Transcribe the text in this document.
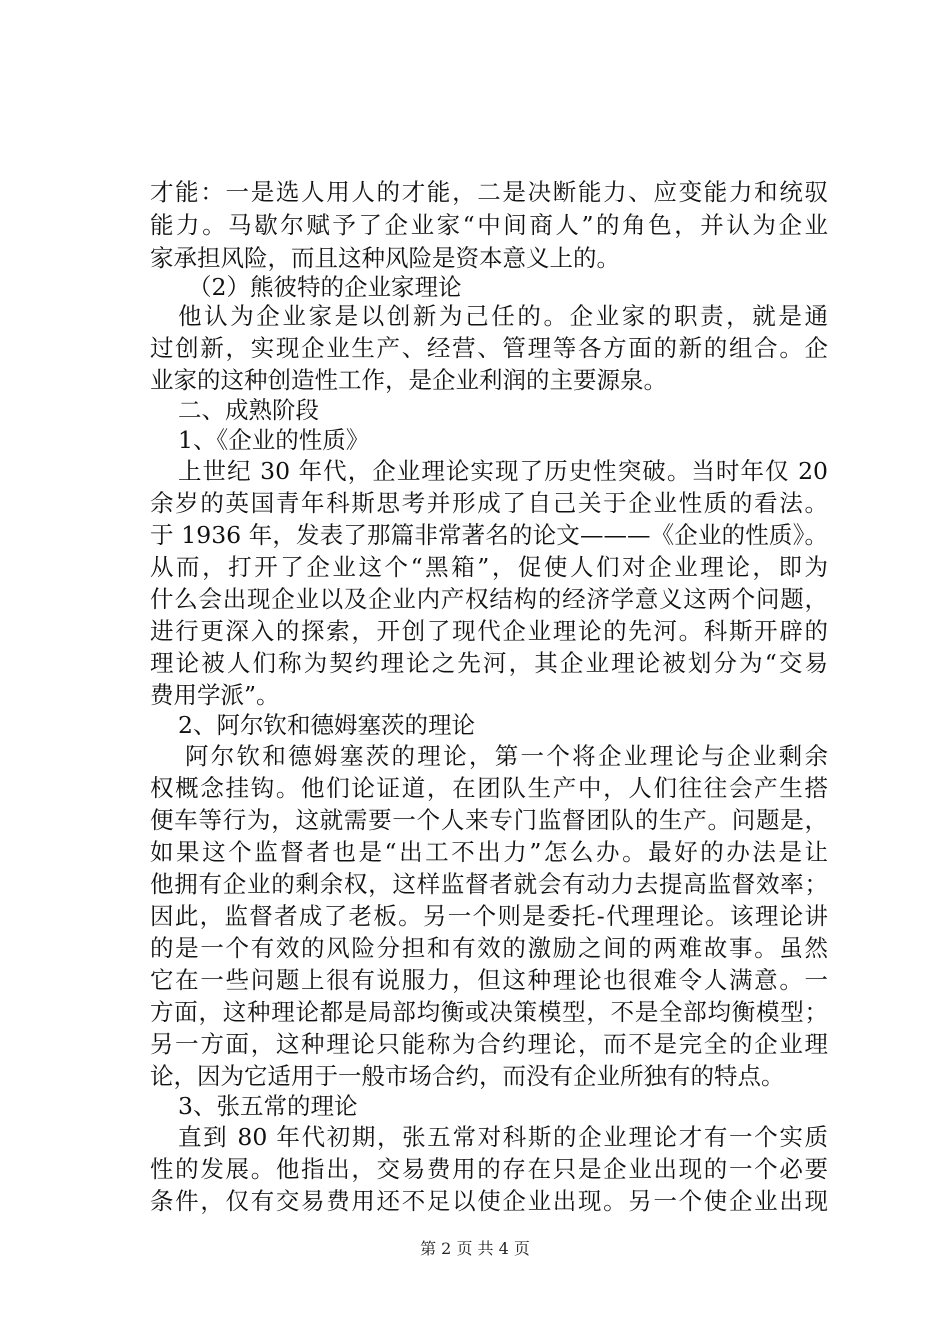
才能：一是选人用人的才能，二是决断能力、应变能力和统驭
能力。马歇尔赋予了企业家“中间商人”的角色，并认为企业
家承担风险，而且这种风险是资本意义上的。
（2）熊彼特的企业家理论
他认为企业家是以创新为己任的。企业家的职责，就是通
过创新，实现企业生产、经营、管理等各方面的新的组合。企
业家的这种创造性工作，是企业利润的主要源泉。
二、成熟阶段
1、《企业的性质》
上世纪 30 年代，企业理论实现了历史性突破。当时年仅 20
余岁的英国青年科斯思考并形成了自己关于企业性质的看法。
于 1936 年，发表了那篇非常著名的论文———《企业的性质》。
从而，打开了企业这个“黑箱”，促使人们对企业理论，即为
什么会出现企业以及企业内产权结构的经济学意义这两个问题，
进行更深入的探索，开创了现代企业理论的先河。科斯开辟的
理论被人们称为契约理论之先河，其企业理论被划分为“交易
费用学派”。
2、阿尔钦和德姆塞茨的理论
阿尔钦和德姆塞茨的理论，第一个将企业理论与企业剩余
权概念挂钩。他们论证道，在团队生产中，人们往往会产生搭
便车等行为，这就需要一个人来专门监督团队的生产。问题是，
如果这个监督者也是“出工不出力”怎么办。最好的办法是让
他拥有企业的剩余权，这样监督者就会有动力去提高监督效率；
因此，监督者成了老板。另一个则是委托-代理理论。该理论讲
的是一个有效的风险分担和有效的激励之间的两难故事。虽然
它在一些问题上很有说服力，但这种理论也很难令人满意。一
方面，这种理论都是局部均衡或决策模型，不是全部均衡模型；
另一方面，这种理论只能称为合约理论，而不是完全的企业理
论，因为它适用于一般市场合约，而没有企业所独有的特点。
3、张五常的理论
直到 80 年代初期，张五常对科斯的企业理论才有一个实质
性的发展。他指出，交易费用的存在只是企业出现的一个必要
条件，仅有交易费用还不足以使企业出现。另一个使企业出现
第 2 页 共 4 页
